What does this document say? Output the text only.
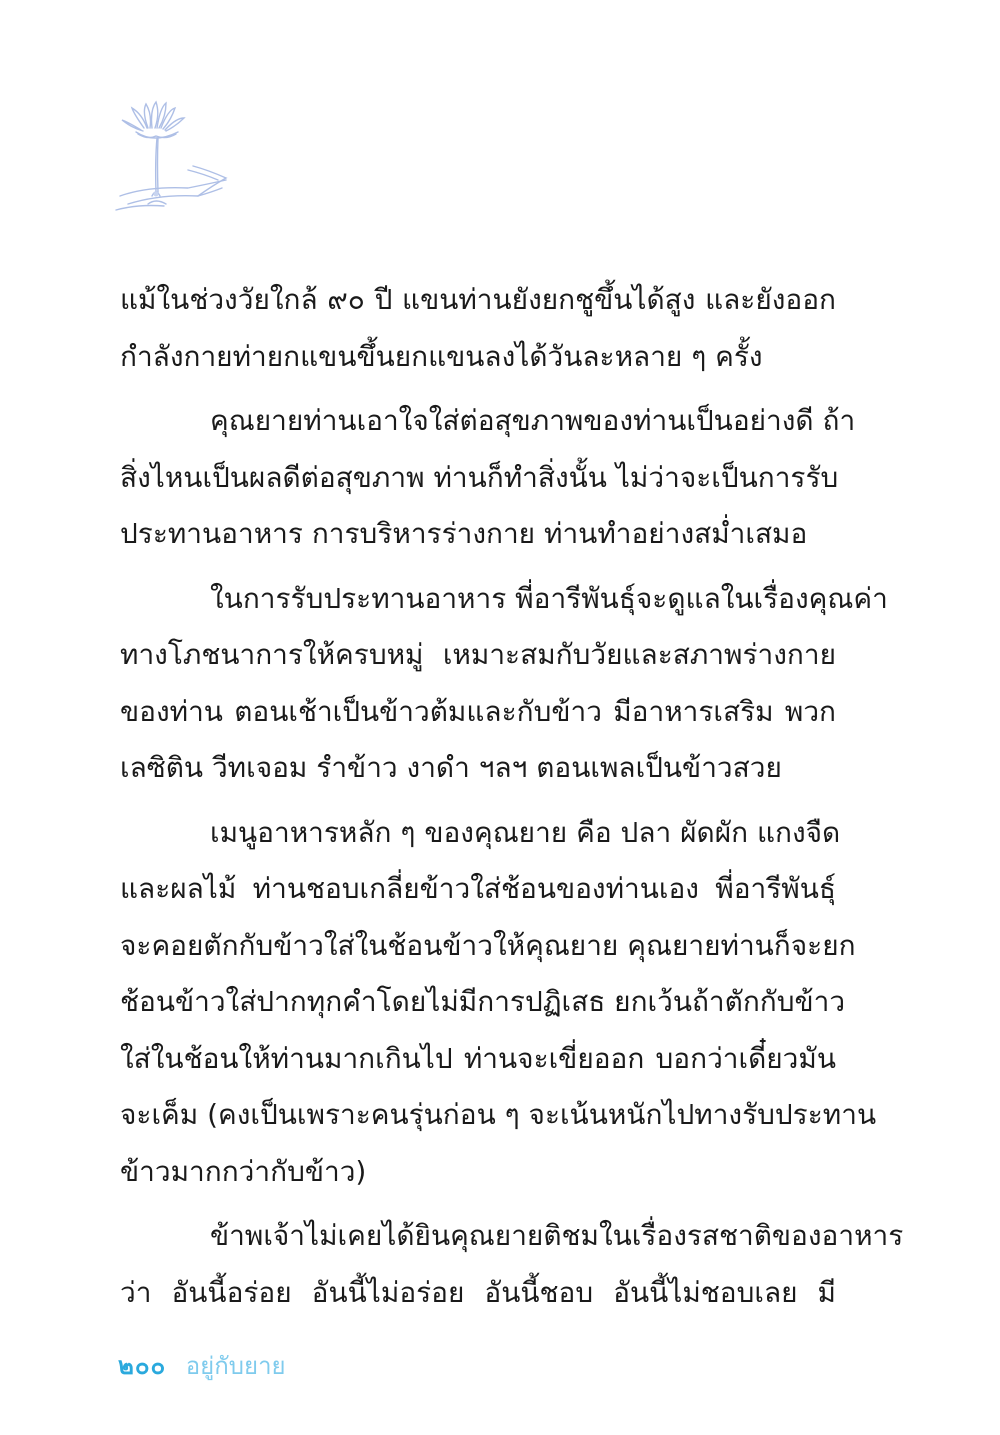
แม้ในช่วงวัยใกล้ ๙๐ ปี แขนท่านยังยกชูขึ้นได้สูง และยังออก
กำลังกายท่ายกแขนขึ้นยกแขนลงได้วันละหลาย ๆ ครั้ง
คุณยายท่านเอาใจใส่ต่อสุขภาพของท่านเป็นอย่างดี ถ้า
สิ่งไหนเป็นผลดีต่อสุขภาพ ท่านก็ทำสิ่งนั้น ไม่ว่าจะเป็นการรับ
ประทานอาหาร การบริหารร่างกาย ท่านทำอย่างสม่ำเสมอ
ในการรับประทานอาหาร พี่อารีพันธุ์จะดูแลในเรื่องคุณค่า
ทางโภชนาการให้ครบหมู่ เหมาะสมกับวัยและสภาพร่างกาย
ของท่าน ตอนเช้าเป็นข้าวต้มและกับข้าว มีอาหารเสริม พวก
เลซิติน วีทเจอม รำข้าว งาดำ ฯลฯ ตอนเพลเป็นข้าวสวย
เมนูอาหารหลัก ๆ ของคุณยาย คือ ปลา ผัดผัก แกงจืด
และผลไม้ ท่านชอบเกลี่ยข้าวใส่ช้อนของท่านเอง พี่อารีพันธุ์
จะคอยตักกับข้าวใส่ในช้อนข้าวให้คุณยาย คุณยายท่านก็จะยก
ช้อนข้าวใส่ปากทุกคำโดยไม่มีการปฏิเสธ ยกเว้นถ้าตักกับข้าว
ใส่ในช้อนให้ท่านมากเกินไป ท่านจะเขี่ยออก บอกว่าเดี๋ยวมัน
จะเค็ม (คงเป็นเพราะคนรุ่นก่อน ๆ จะเน้นหนักไปทางรับประทาน
ข้าวมากกว่ากับข้าว)
ข้าพเจ้าไม่เคยได้ยินคุณยายติชมในเรื่องรสชาติของอาหาร
ว่า อันนี้อร่อย อันนี้ไม่อร่อย อันนี้ชอบ อันนี้ไม่ชอบเลย มี
๒๐๐ อยู่กับยาย
